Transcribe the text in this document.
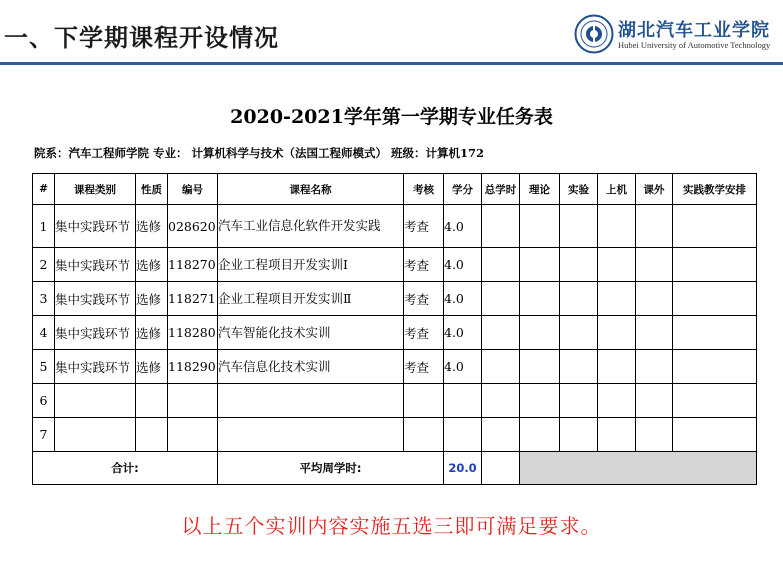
一、下学期课程开设情况	湖北汽车工业学院
Hubei University of Automotive Technology
2020-2021学年第一学期专业任务表
院系：汽车工程师学院 专业： 计算机科学与技术（法国工程师模式） 班级：计算机172
#	课程类别	性质	编号	课程名称	考核	学分	总学时	理论	实验	上机	课外	实践教学安排
1	集中实践环节	选修	028620	汽车工业信息化软件开发实践	考查	4.0						
2	集中实践环节	选修	118270	企业工程项目开发实训Ⅰ	考查	4.0						
3	集中实践环节	选修	118271	企业工程项目开发实训Ⅱ	考查	4.0						
4	集中实践环节	选修	118280	汽车智能化技术实训	考查	4.0						
5	集中实践环节	选修	118290	汽车信息化技术实训	考查	4.0						
6												
7												
合计:				平均周学时:		20.0						
以上五个实训内容实施五选三即可满足要求。
